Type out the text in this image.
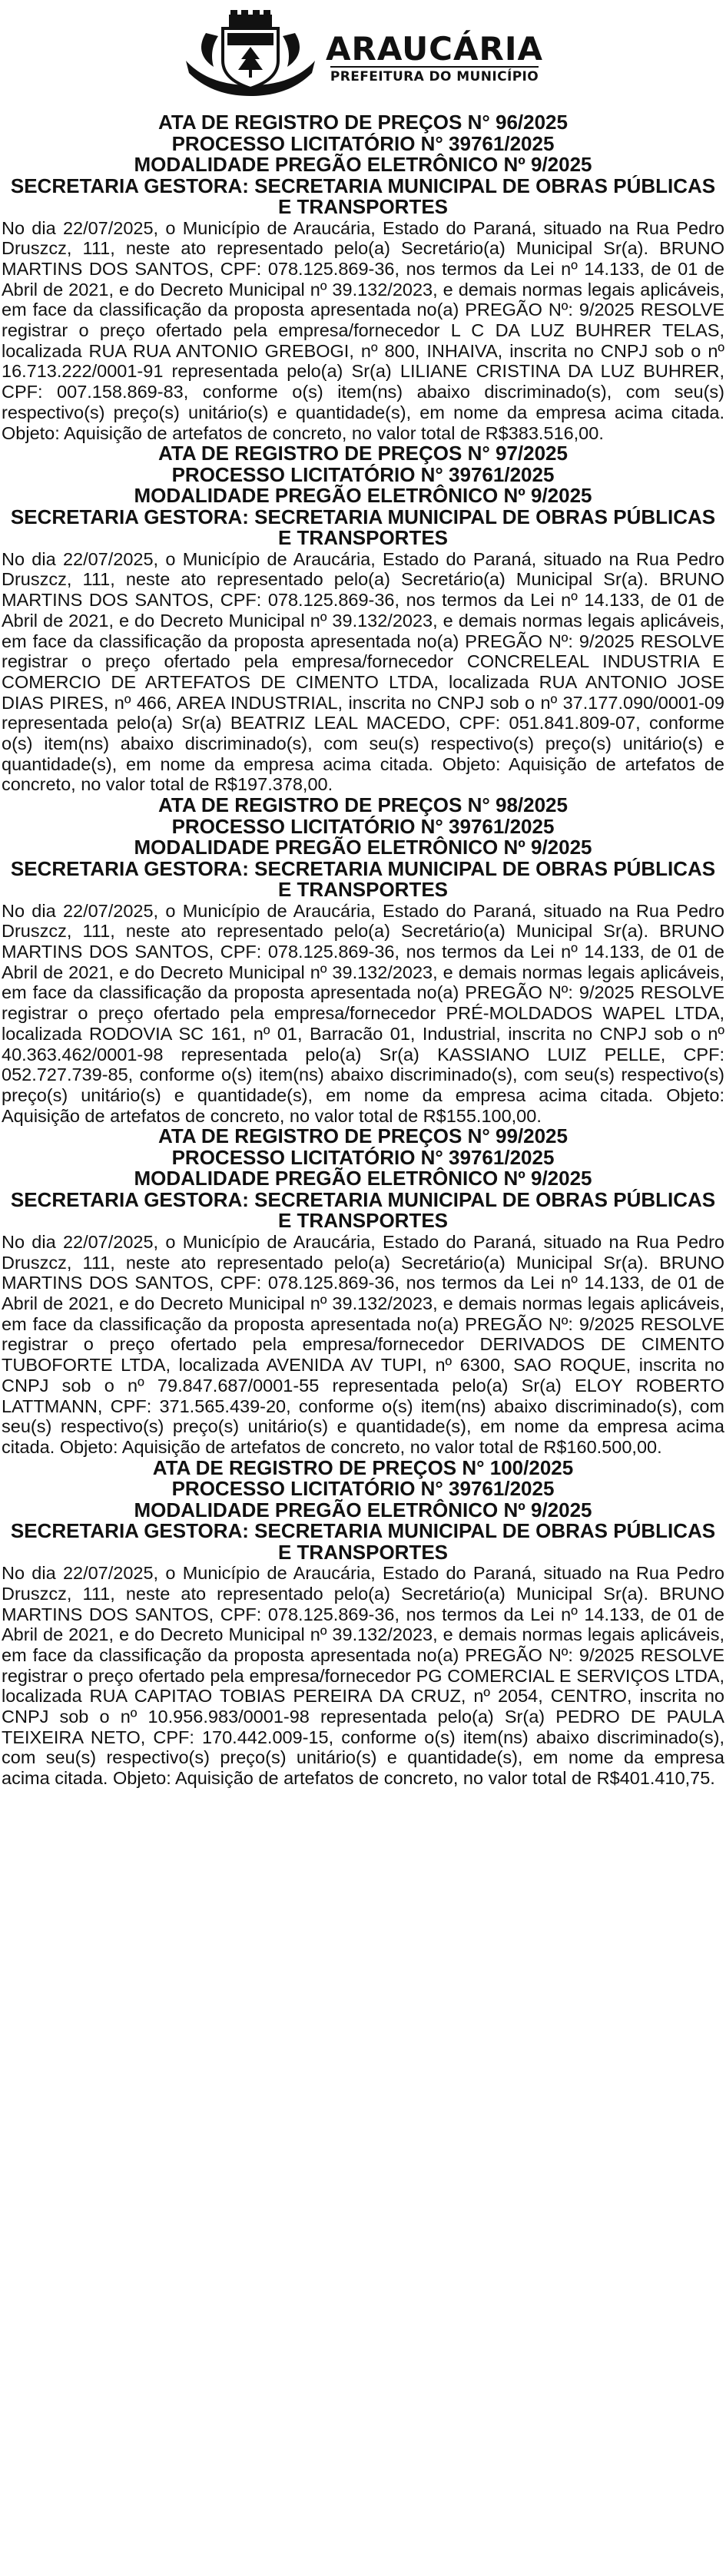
ARAUCÁRIA
PREFEITURA DO MUNICÍPIO
ATA DE REGISTRO DE PREÇOS N° 96/2025
PROCESSO LICITATÓRIO N° 39761/2025
MODALIDADE PREGÃO ELETRÔNICO Nº 9/2025
SECRETARIA GESTORA: SECRETARIA MUNICIPAL DE OBRAS PÚBLICAS E TRANSPORTES

No dia 22/07/2025, o Município de Araucária, Estado do Paraná, situado na Rua Pedro Druszcz, 111, neste ato representado pelo(a) Secretário(a) Municipal Sr(a). BRUNO MARTINS DOS SANTOS, CPF: 078.125.869-36, nos termos da Lei nº 14.133, de 01 de Abril de 2021, e do Decreto Municipal nº 39.132/2023, e demais normas legais aplicáveis, em face da classificação da proposta apresentada no(a) PREGÃO Nº: 9/2025 RESOLVE registrar o preço ofertado pela empresa/fornecedor L C DA LUZ BUHRER TELAS, localizada RUA RUA ANTONIO GREBOGI, nº 800, INHAIVA, inscrita no CNPJ sob o nº 16.713.222/0001-91 representada pelo(a) Sr(a) LILIANE CRISTINA DA LUZ BUHRER, CPF: 007.158.869-83, conforme o(s) item(ns) abaixo discriminado(s), com seu(s) respectivo(s) preço(s) unitário(s) e quantidade(s), em nome da empresa acima citada. Objeto: Aquisição de artefatos de concreto, no valor total de R$383.516,00.

ATA DE REGISTRO DE PREÇOS N° 97/2025
PROCESSO LICITATÓRIO N° 39761/2025
MODALIDADE PREGÃO ELETRÔNICO Nº 9/2025
SECRETARIA GESTORA: SECRETARIA MUNICIPAL DE OBRAS PÚBLICAS E TRANSPORTES

No dia 22/07/2025, o Município de Araucária, Estado do Paraná, situado na Rua Pedro Druszcz, 111, neste ato representado pelo(a) Secretário(a) Municipal Sr(a). BRUNO MARTINS DOS SANTOS, CPF: 078.125.869-36, nos termos da Lei nº 14.133, de 01 de Abril de 2021, e do Decreto Municipal nº 39.132/2023, e demais normas legais aplicáveis, em face da classificação da proposta apresentada no(a) PREGÃO Nº: 9/2025 RESOLVE registrar o preço ofertado pela empresa/fornecedor CONCRELEAL INDUSTRIA E COMERCIO DE ARTEFATOS DE CIMENTO LTDA, localizada RUA ANTONIO JOSE DIAS PIRES, nº 466, AREA INDUSTRIAL, inscrita no CNPJ sob o nº 37.177.090/0001-09 representada pelo(a) Sr(a) BEATRIZ LEAL MACEDO, CPF: 051.841.809-07, conforme o(s) item(ns) abaixo discriminado(s), com seu(s) respectivo(s) preço(s) unitário(s) e quantidade(s), em nome da empresa acima citada. Objeto: Aquisição de artefatos de concreto, no valor total de R$197.378,00.

ATA DE REGISTRO DE PREÇOS N° 98/2025
PROCESSO LICITATÓRIO N° 39761/2025
MODALIDADE PREGÃO ELETRÔNICO Nº 9/2025
SECRETARIA GESTORA: SECRETARIA MUNICIPAL DE OBRAS PÚBLICAS E TRANSPORTES

No dia 22/07/2025, o Município de Araucária, Estado do Paraná, situado na Rua Pedro Druszcz, 111, neste ato representado pelo(a) Secretário(a) Municipal Sr(a). BRUNO MARTINS DOS SANTOS, CPF: 078.125.869-36, nos termos da Lei nº 14.133, de 01 de Abril de 2021, e do Decreto Municipal nº 39.132/2023, e demais normas legais aplicáveis, em face da classificação da proposta apresentada no(a) PREGÃO Nº: 9/2025 RESOLVE registrar o preço ofertado pela empresa/fornecedor PRÉ-MOLDADOS WAPEL LTDA, localizada RODOVIA SC 161, nº 01, Barracão 01, Industrial, inscrita no CNPJ sob o nº 40.363.462/0001-98 representada pelo(a) Sr(a) KASSIANO LUIZ PELLE, CPF: 052.727.739-85, conforme o(s) item(ns) abaixo discriminado(s), com seu(s) respectivo(s) preço(s) unitário(s) e quantidade(s), em nome da empresa acima citada. Objeto: Aquisição de artefatos de concreto, no valor total de R$155.100,00.

ATA DE REGISTRO DE PREÇOS N° 99/2025
PROCESSO LICITATÓRIO N° 39761/2025
MODALIDADE PREGÃO ELETRÔNICO Nº 9/2025
SECRETARIA GESTORA: SECRETARIA MUNICIPAL DE OBRAS PÚBLICAS E TRANSPORTES

No dia 22/07/2025, o Município de Araucária, Estado do Paraná, situado na Rua Pedro Druszcz, 111, neste ato representado pelo(a) Secretário(a) Municipal Sr(a). BRUNO MARTINS DOS SANTOS, CPF: 078.125.869-36, nos termos da Lei nº 14.133, de 01 de Abril de 2021, e do Decreto Municipal nº 39.132/2023, e demais normas legais aplicáveis, em face da classificação da proposta apresentada no(a) PREGÃO Nº: 9/2025 RESOLVE registrar o preço ofertado pela empresa/fornecedor DERIVADOS DE CIMENTO TUBOFORTE LTDA, localizada AVENIDA AV TUPI, nº 6300, SAO ROQUE, inscrita no CNPJ sob o nº 79.847.687/0001-55 representada pelo(a) Sr(a) ELOY ROBERTO LATTMANN, CPF: 371.565.439-20, conforme o(s) item(ns) abaixo discriminado(s), com seu(s) respectivo(s) preço(s) unitário(s) e quantidade(s), em nome da empresa acima citada. Objeto: Aquisição de artefatos de concreto, no valor total de R$160.500,00.

ATA DE REGISTRO DE PREÇOS N° 100/2025
PROCESSO LICITATÓRIO N° 39761/2025
MODALIDADE PREGÃO ELETRÔNICO Nº 9/2025
SECRETARIA GESTORA: SECRETARIA MUNICIPAL DE OBRAS PÚBLICAS E TRANSPORTES

No dia 22/07/2025, o Município de Araucária, Estado do Paraná, situado na Rua Pedro Druszcz, 111, neste ato representado pelo(a) Secretário(a) Municipal Sr(a). BRUNO MARTINS DOS SANTOS, CPF: 078.125.869-36, nos termos da Lei nº 14.133, de 01 de Abril de 2021, e do Decreto Municipal nº 39.132/2023, e demais normas legais aplicáveis, em face da classificação da proposta apresentada no(a) PREGÃO Nº: 9/2025 RESOLVE registrar o preço ofertado pela empresa/fornecedor PG COMERCIAL E SERVIÇOS LTDA, localizada RUA CAPITAO TOBIAS PEREIRA DA CRUZ, nº 2054, CENTRO, inscrita no CNPJ sob o nº 10.956.983/0001-98 representada pelo(a) Sr(a) PEDRO DE PAULA TEIXEIRA NETO, CPF: 170.442.009-15, conforme o(s) item(ns) abaixo discriminado(s), com seu(s) respectivo(s) preço(s) unitário(s) e quantidade(s), em nome da empresa acima citada. Objeto: Aquisição de artefatos de concreto, no valor total de R$401.410,75.
